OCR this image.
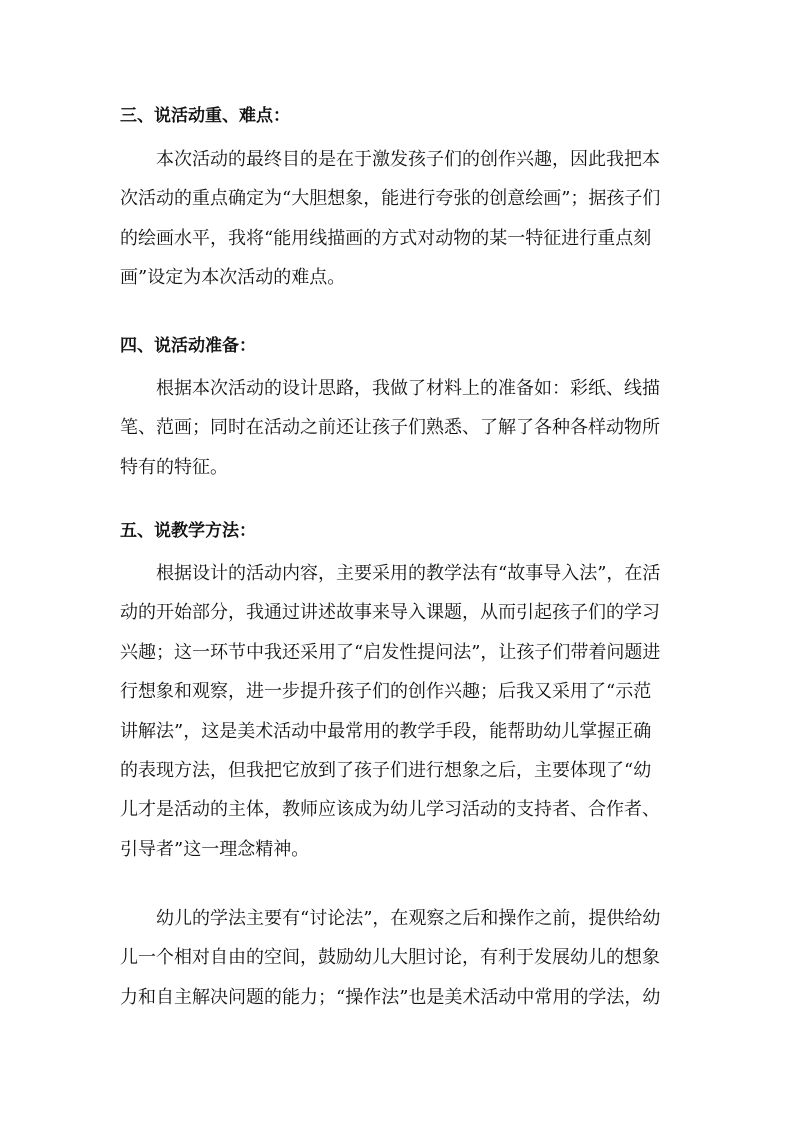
三、说活动重、难点：

本次活动的最终目的是在于激发孩子们的创作兴趣，因此我把本
次活动的重点确定为“大胆想象，能进行夸张的创意绘画”；据孩子们
的绘画水平，我将“能用线描画的方式对动物的某一特征进行重点刻
画”设定为本次活动的难点。

四、说活动准备：

根据本次活动的设计思路，我做了材料上的准备如：彩纸、线描
笔、范画；同时在活动之前还让孩子们熟悉、了解了各种各样动物所
特有的特征。

五、说教学方法：

根据设计的活动内容，主要采用的教学法有“故事导入法”，在活
动的开始部分，我通过讲述故事来导入课题，从而引起孩子们的学习
兴趣；这一环节中我还采用了“启发性提问法”，让孩子们带着问题进
行想象和观察，进一步提升孩子们的创作兴趣；后我又采用了“示范
讲解法”，这是美术活动中最常用的教学手段，能帮助幼儿掌握正确
的表现方法，但我把它放到了孩子们进行想象之后，主要体现了“幼
儿才是活动的主体，教师应该成为幼儿学习活动的支持者、合作者、
引导者”这一理念精神。

幼儿的学法主要有“讨论法”，在观察之后和操作之前，提供给幼
儿一个相对自由的空间，鼓励幼儿大胆讨论，有利于发展幼儿的想象
力和自主解决问题的能力；“操作法”也是美术活动中常用的学法，幼
